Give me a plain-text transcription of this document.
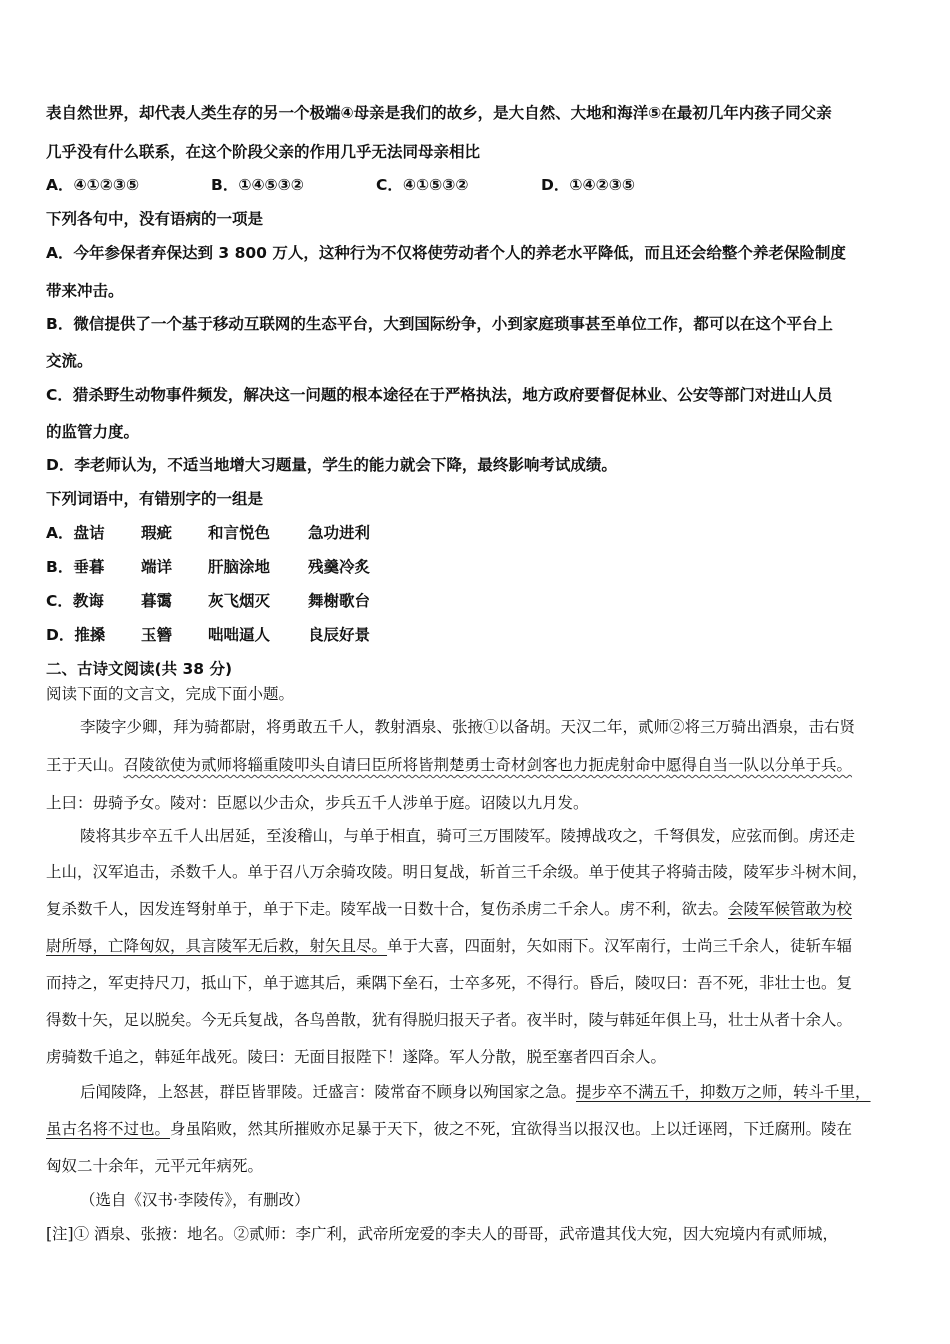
表自然世界，却代表人类生存的另一个极端④母亲是我们的故乡，是大自然、大地和海洋⑤在最初几年内孩子同父亲
几乎没有什么联系，在这个阶段父亲的作用几乎无法同母亲相比
A．④①②③⑤	B．①④⑤③②	C．④①⑤③②	D．①④②③⑤
下列各句中，没有语病的一项是
A．今年参保者弃保达到 3 800 万人，这种行为不仅将使劳动者个人的养老水平降低，而且还会给整个养老保险制度
带来冲击。
B．微信提供了一个基于移动互联网的生态平台，大到国际纷争，小到家庭琐事甚至单位工作，都可以在这个平台上
交流。
C．猎杀野生动物事件频发，解决这一问题的根本途径在于严格执法，地方政府要督促林业、公安等部门对进山人员
的监管力度。
D．李老师认为，不适当地增大习题量，学生的能力就会下降，最终影响考试成绩。
下列词语中，有错别字的一组是
A．盘诘 瑕疵 和言悦色 急功进利
B．垂暮 端详 肝脑涂地 残羹冷炙
C．教诲 暮霭 灰飞烟灭 舞榭歌台
D．推搡 玉簪 咄咄逼人 良辰好景
二、古诗文阅读(共 38 分)
阅读下面的文言文，完成下面小题。
李陵字少卿，拜为骑都尉，将勇敢五千人，教射酒泉、张掖①以备胡。天汉二年，贰师②将三万骑出酒泉，击右贤
王于天山。召陵欲使为贰师将辎重陵叩头自请曰臣所将皆荆楚勇士奇材剑客也力扼虎射命中愿得自当一队以分单于兵。
上曰：毋骑予女。陵对：臣愿以少击众，步兵五千人涉单于庭。诏陵以九月发。
陵将其步卒五千人出居延，至浚稽山，与单于相直，骑可三万围陵军。陵搏战攻之，千弩俱发，应弦而倒。虏还走
上山，汉军追击，杀数千人。单于召八万余骑攻陵。明日复战，斩首三千余级。单于使其子将骑击陵，陵军步斗树木间，
复杀数千人，因发连弩射单于，单于下走。陵军战一日数十合，复伤杀虏二千余人。虏不利，欲去。会陵军候管敢为校
尉所辱，亡降匈奴，具言陵军无后救，射矢且尽。单于大喜，四面射，矢如雨下。汉军南行，士尚三千余人，徒斩车辐
而持之，军吏持尺刀，抵山下，单于遮其后，乘隅下垒石，士卒多死，不得行。昏后，陵叹曰：吾不死，非壮士也。复
得数十矢，足以脱矣。今无兵复战，各鸟兽散，犹有得脱归报天子者。夜半时，陵与韩延年俱上马，壮士从者十余人。
虏骑数千追之，韩延年战死。陵曰：无面目报陛下！遂降。军人分散，脱至塞者四百余人。
后闻陵降，上怒甚，群臣皆罪陵。迁盛言：陵常奋不顾身以殉国家之急。提步卒不满五千，抑数万之师，转斗千里，
虽古名将不过也。身虽陷败，然其所摧败亦足暴于天下，彼之不死，宜欲得当以报汉也。上以迁诬罔，下迁腐刑。陵在
匈奴二十余年，元平元年病死。
（选自《汉书·李陵传》，有删改）
[注]① 酒泉、张掖：地名。②贰师：李广利，武帝所宠爱的李夫人的哥哥，武帝遣其伐大宛，因大宛境内有贰师城，
